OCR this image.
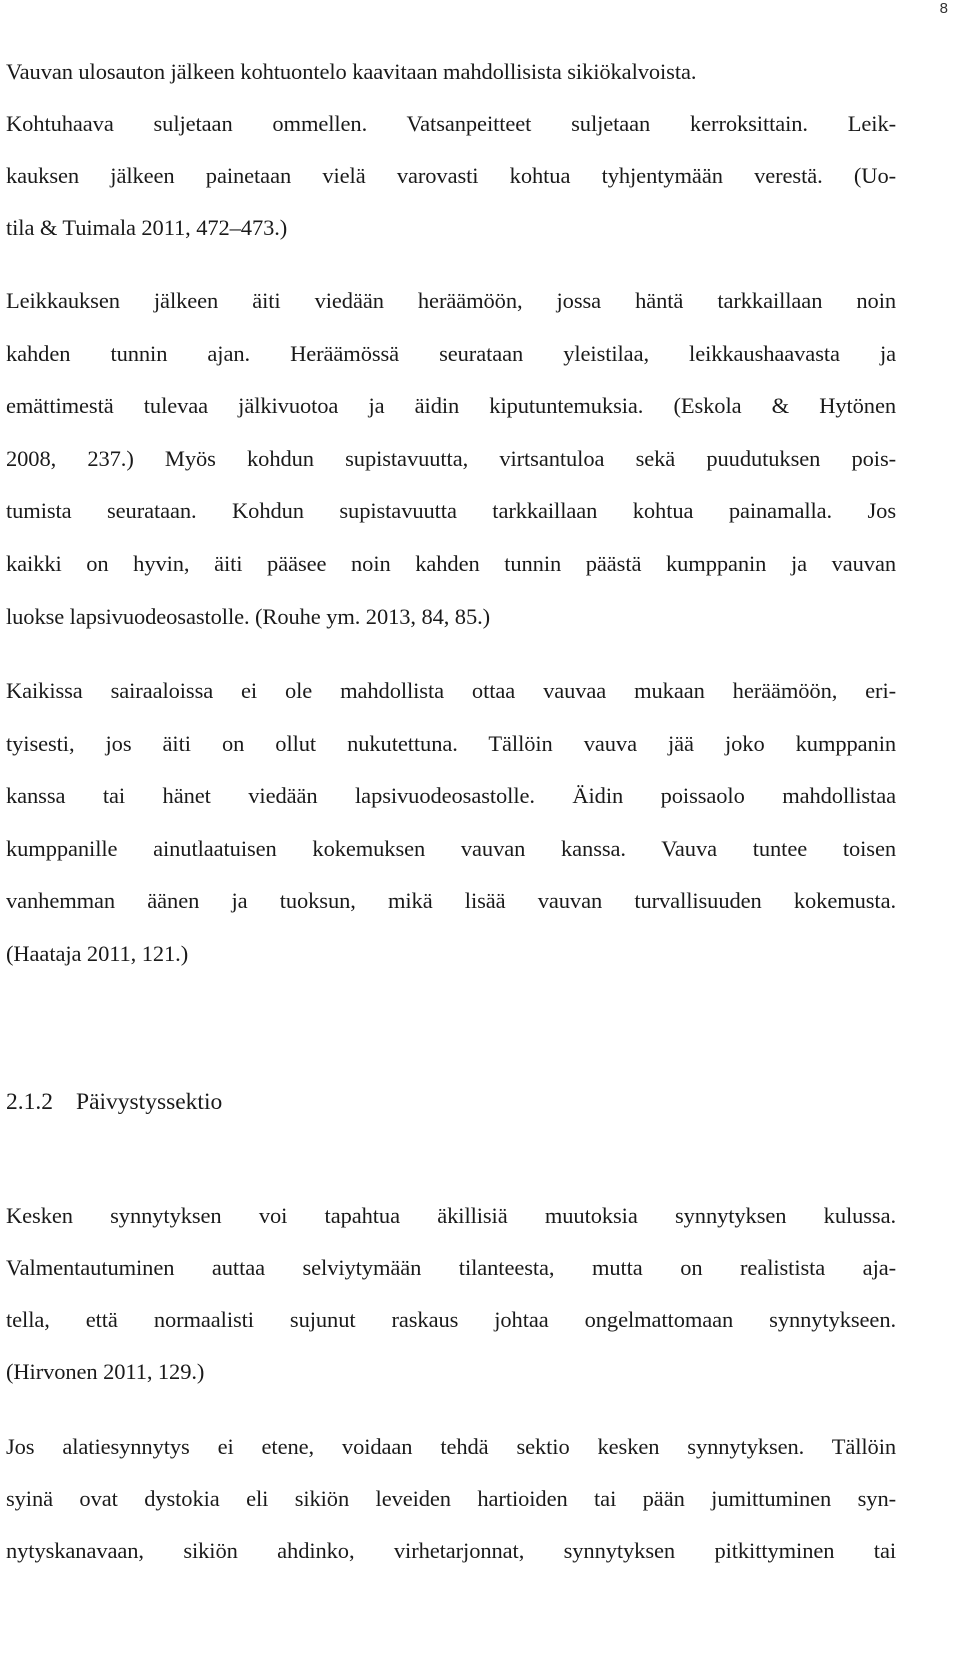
8
Vauvan ulosauton jälkeen kohtuontelo kaavitaan mahdollisista sikiökalvoista.
Kohtuhaava suljetaan ommellen. Vatsanpeitteet suljetaan kerroksittain. Leik-
kauksen jälkeen painetaan vielä varovasti kohtua tyhjentymään verestä. (Uo-
tila & Tuimala 2011, 472–473.)
Leikkauksen jälkeen äiti viedään heräämöön, jossa häntä tarkkaillaan noin
kahden tunnin ajan. Heräämössä seurataan yleistilaa, leikkaushaavasta ja
emättimestä tulevaa jälkivuotoa ja äidin kiputuntemuksia. (Eskola & Hytönen
2008, 237.) Myös kohdun supistavuutta, virtsantuloa sekä puudutuksen pois-
tumista seurataan. Kohdun supistavuutta tarkkaillaan kohtua painamalla. Jos
kaikki on hyvin, äiti pääsee noin kahden tunnin päästä kumppanin ja vauvan
luokse lapsivuodeosastolle. (Rouhe ym. 2013, 84, 85.)
Kaikissa sairaaloissa ei ole mahdollista ottaa vauvaa mukaan heräämöön, eri-
tyisesti, jos äiti on ollut nukutettuna. Tällöin vauva jää joko kumppanin
kanssa tai hänet viedään lapsivuodeosastolle. Äidin poissaolo mahdollistaa
kumppanille ainutlaatuisen kokemuksen vauvan kanssa. Vauva tuntee toisen
vanhemman äänen ja tuoksun, mikä lisää vauvan turvallisuuden kokemusta.
(Haataja 2011, 121.)
2.1.2 Päivystyssektio
Kesken synnytyksen voi tapahtua äkillisiä muutoksia synnytyksen kulussa.
Valmentautuminen auttaa selviytymään tilanteesta, mutta on realistista aja-
tella, että normaalisti sujunut raskaus johtaa ongelmattomaan synnytykseen.
(Hirvonen 2011, 129.)
Jos alatiesynnytys ei etene, voidaan tehdä sektio kesken synnytyksen. Tällöin
syinä ovat dystokia eli sikiön leveiden hartioiden tai pään jumittuminen syn-
nytyskanavaan, sikiön ahdinko, virhetarjonnat, synnytyksen pitkittyminen tai
